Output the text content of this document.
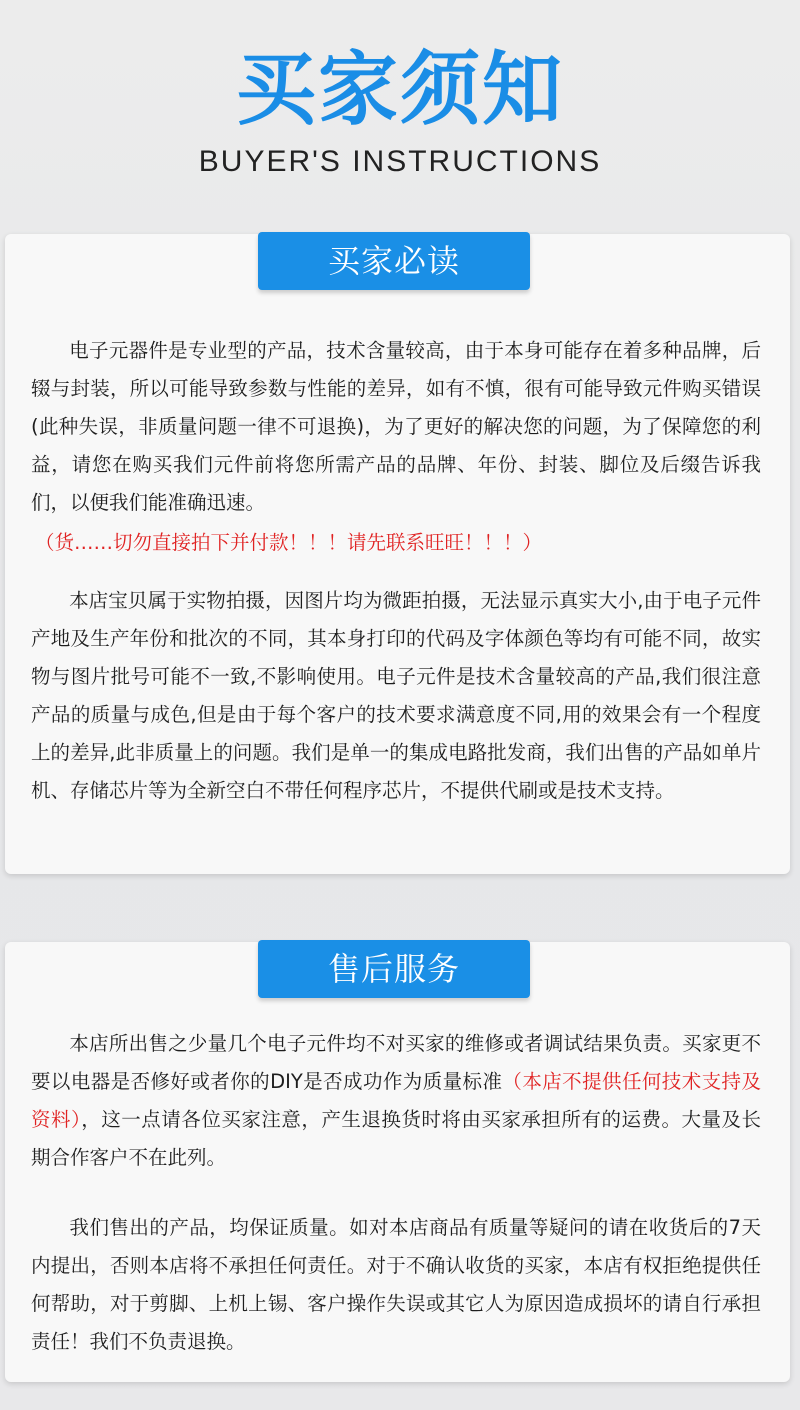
买家须知
BUYER'S INSTRUCTIONS
买家必读

电子元器件是专业型的产品，技术含量较高，由于本身可能存在着多种品牌，后辍与封装，所以可能导致参数与性能的差异，如有不慎，很有可能导致元件购买错误(此种失误，非质量问题一律不可退换)，为了更好的解决您的问题，为了保障您的利益，请您在购买我们元件前将您所需产品的品牌、年份、封装、脚位及后缀告诉我们，以便我们能准确迅速。

（货……切勿直接拍下并付款！！！请先联系旺旺！！！）

本店宝贝属于实物拍摄，因图片均为微距拍摄，无法显示真实大小,由于电子元件产地及生产年份和批次的不同，其本身打印的代码及字体颜色等均有可能不同，故实物与图片批号可能不一致,不影响使用。电子元件是技术含量较高的产品,我们很注意产品的质量与成色,但是由于每个客户的技术要求满意度不同,用的效果会有一个程度上的差异,此非质量上的问题。我们是单一的集成电路批发商，我们出售的产品如单片机、存储芯片等为全新空白不带任何程序芯片，不提供代刷或是技术支持。

售后服务

本店所出售之少量几个电子元件均不对买家的维修或者调试结果负责。买家更不要以电器是否修好或者你的DIY是否成功作为质量标准（本店不提供任何技术支持及资料），这一点请各位买家注意，产生退换货时将由买家承担所有的运费。大量及长期合作客户不在此列。

我们售出的产品，均保证质量。如对本店商品有质量等疑问的请在收货后的7天内提出，否则本店将不承担任何责任。对于不确认收货的买家，本店有权拒绝提供任何帮助，对于剪脚、上机上锡、客户操作失误或其它人为原因造成损坏的请自行承担责任！我们不负责退换。
